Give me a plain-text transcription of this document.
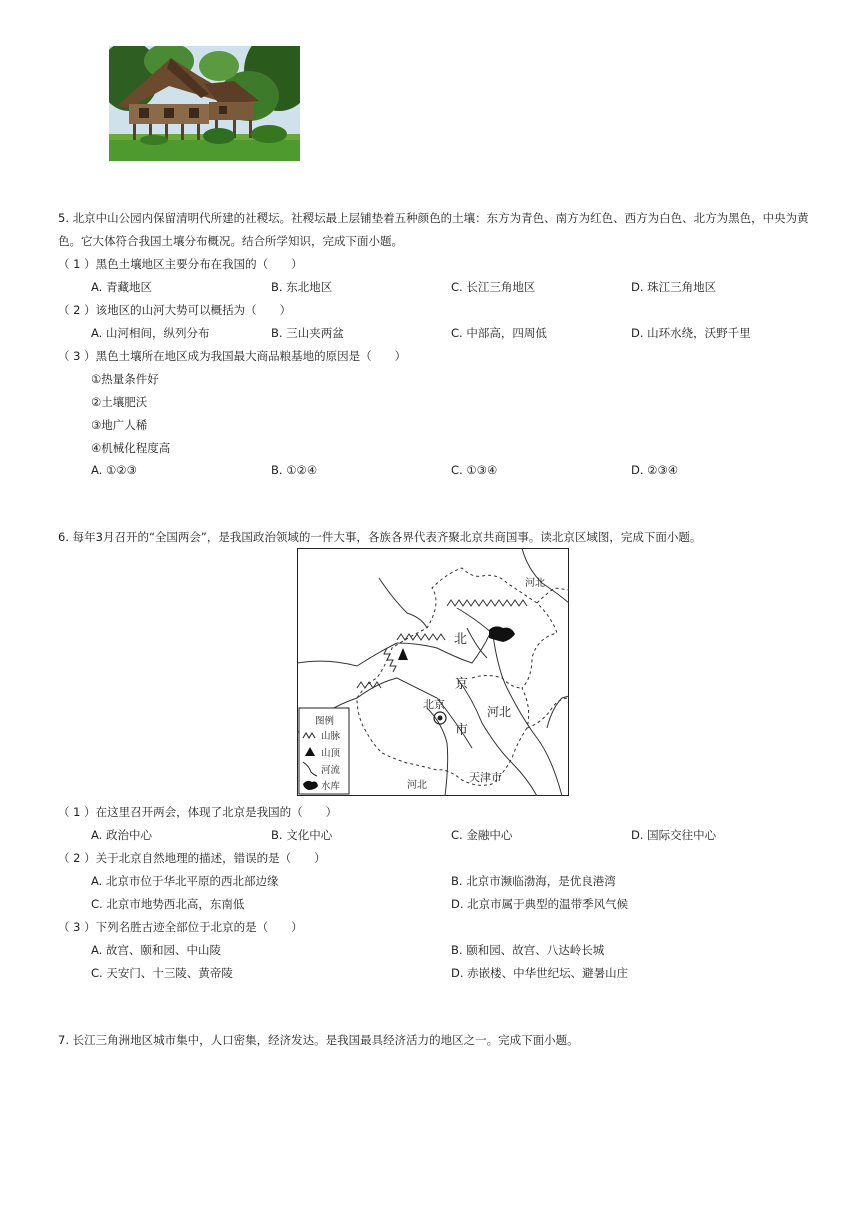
5. 北京中山公园内保留清明代所建的社稷坛。社稷坛最上层铺垫着五种颜色的土壤：东方为青色、南方为红色、西方为白色、北方为黑色，中央为黄
色。它大体符合我国土壤分布概况。结合所学知识，完成下面小题。
（ 1 ）黑色土壤地区主要分布在我国的（　　）
A. 青藏地区	B. 东北地区	C. 长江三角地区	D. 珠江三角地区
（ 2 ）该地区的山河大势可以概括为（　　）
A. 山河相间，纵列分布	B. 三山夹两盆	C. 中部高，四周低	D. 山环水绕，沃野千里
（ 3 ）黑色土壤所在地区成为我国最大商品粮基地的原因是（　　）
①热量条件好
②土壤肥沃
③地广人稀
④机械化程度高
A. ①②③	B. ①②④	C. ①③④	D. ②③④
6. 每年3月召开的“全国两会”，是我国政治领域的一件大事，各族各界代表齐聚北京共商国事。读北京区域图，完成下面小题。
河北
北
京
市
北京
河北
天津市
河北
图例
山脉
山顶
河流
水库
（ 1 ）在这里召开两会，体现了北京是我国的（　　）
A. 政治中心	B. 文化中心	C. 金融中心	D. 国际交往中心
（ 2 ）关于北京自然地理的描述，错误的是（　　）
A. 北京市位于华北平原的西北部边缘	B. 北京市濒临渤海，是优良港湾
C. 北京市地势西北高，东南低	D. 北京市属于典型的温带季风气候
（ 3 ）下列名胜古迹全部位于北京的是（　　）
A. 故宫、颐和园、中山陵	B. 颐和园、故宫、八达岭长城
C. 天安门、十三陵、黄帝陵	D. 赤嵌楼、中华世纪坛、避暑山庄
7. 长江三角洲地区城市集中，人口密集，经济发达。是我国最具经济活力的地区之一。完成下面小题。
